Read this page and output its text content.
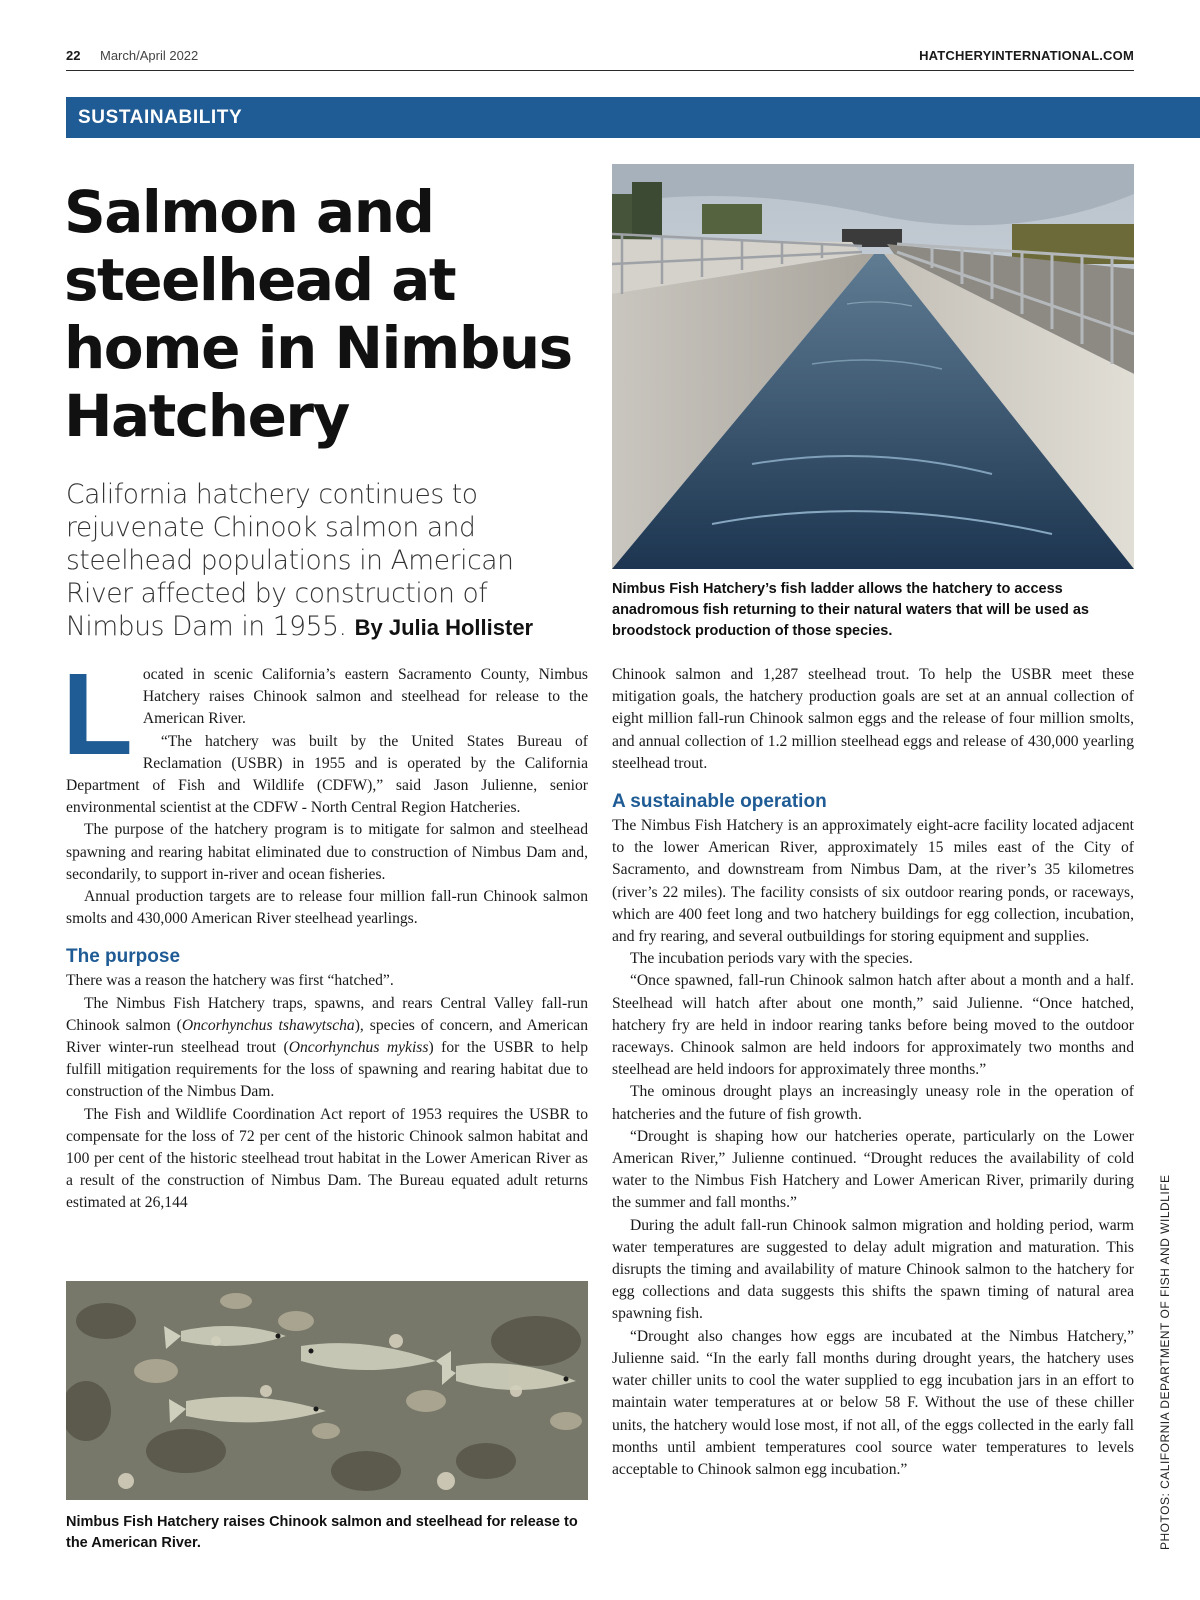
22 March/April 2022	HATCHERYINTERNATIONAL.COM
SUSTAINABILITY
Salmon and steelhead at home in Nimbus Hatchery

California hatchery continues to rejuvenate Chinook salmon and steelhead populations in American River affected by construction of Nimbus Dam in 1955. By Julia Hollister

Nimbus Fish Hatchery’s fish ladder allows the hatchery to access anadromous fish returning to their natural waters that will be used as broodstock production of those species.

Located in scenic California’s eastern Sacramento County, Nimbus Hatchery raises Chinook salmon and steelhead for release to the American River.

“The hatchery was built by the United States Bureau of Reclamation (USBR) in 1955 and is operated by the California Department of Fish and Wildlife (CDFW),” said Jason Julienne, senior environmental scientist at the CDFW - North Central Region Hatcheries.

The purpose of the hatchery program is to mitigate for salmon and steelhead spawning and rearing habitat eliminated due to construction of Nimbus Dam and, secondarily, to support in-river and ocean fisheries.

Annual production targets are to release four million fall-run Chinook salmon smolts and 430,000 American River steelhead yearlings.

The purpose

There was a reason the hatchery was first “hatched”.

The Nimbus Fish Hatchery traps, spawns, and rears Central Valley fall-run Chinook salmon (Oncorhynchus tshawytscha), species of concern, and American River winter-run steelhead trout (Oncorhynchus mykiss) for the USBR to help fulfill mitigation requirements for the loss of spawning and rearing habitat due to construction of the Nimbus Dam.

The Fish and Wildlife Coordination Act report of 1953 requires the USBR to compensate for the loss of 72 per cent of the historic Chinook salmon habitat and 100 per cent of the historic steelhead trout habitat in the Lower American River as a result of the construction of Nimbus Dam. The Bureau equated adult returns estimated at 26,144

Nimbus Fish Hatchery raises Chinook salmon and steelhead for release to the American River.

Chinook salmon and 1,287 steelhead trout. To help the USBR meet these mitigation goals, the hatchery production goals are set at an annual collection of eight million fall-run Chinook salmon eggs and the release of four million smolts, and annual collection of 1.2 million steelhead eggs and release of 430,000 yearling steelhead trout.

A sustainable operation

The Nimbus Fish Hatchery is an approximately eight-acre facility located adjacent to the lower American River, approximately 15 miles east of the City of Sacramento, and downstream from Nimbus Dam, at the river’s 35 kilometres (river’s 22 miles). The facility consists of six outdoor rearing ponds, or raceways, which are 400 feet long and two hatchery buildings for egg collection, incubation, and fry rearing, and several outbuildings for storing equipment and supplies.

The incubation periods vary with the species.

“Once spawned, fall-run Chinook salmon hatch after about a month and a half. Steelhead will hatch after about one month,” said Julienne. “Once hatched, hatchery fry are held in indoor rearing tanks before being moved to the outdoor raceways. Chinook salmon are held indoors for approximately two months and steelhead are held indoors for approximately three months.”

The ominous drought plays an increasingly uneasy role in the operation of hatcheries and the future of fish growth.

“Drought is shaping how our hatcheries operate, particularly on the Lower American River,” Julienne continued. “Drought reduces the availability of cold water to the Nimbus Fish Hatchery and Lower American River, primarily during the summer and fall months.”

During the adult fall-run Chinook salmon migration and holding period, warm water temperatures are suggested to delay adult migration and maturation. This disrupts the timing and availability of mature Chinook salmon to the hatchery for egg collections and data suggests this shifts the spawn timing of natural area spawning fish.

“Drought also changes how eggs are incubated at the Nimbus Hatchery,” Julienne said. “In the early fall months during drought years, the hatchery uses water chiller units to cool the water supplied to egg incubation jars in an effort to maintain water temperatures at or below 58 F. Without the use of these chiller units, the hatchery would lose most, if not all, of the eggs collected in the early fall months until ambient temperatures cool source water temperatures to levels acceptable to Chinook salmon egg incubation.”	PHOTOS: CALIFORNIA DEPARTMENT OF FISH AND WILDLIFE
